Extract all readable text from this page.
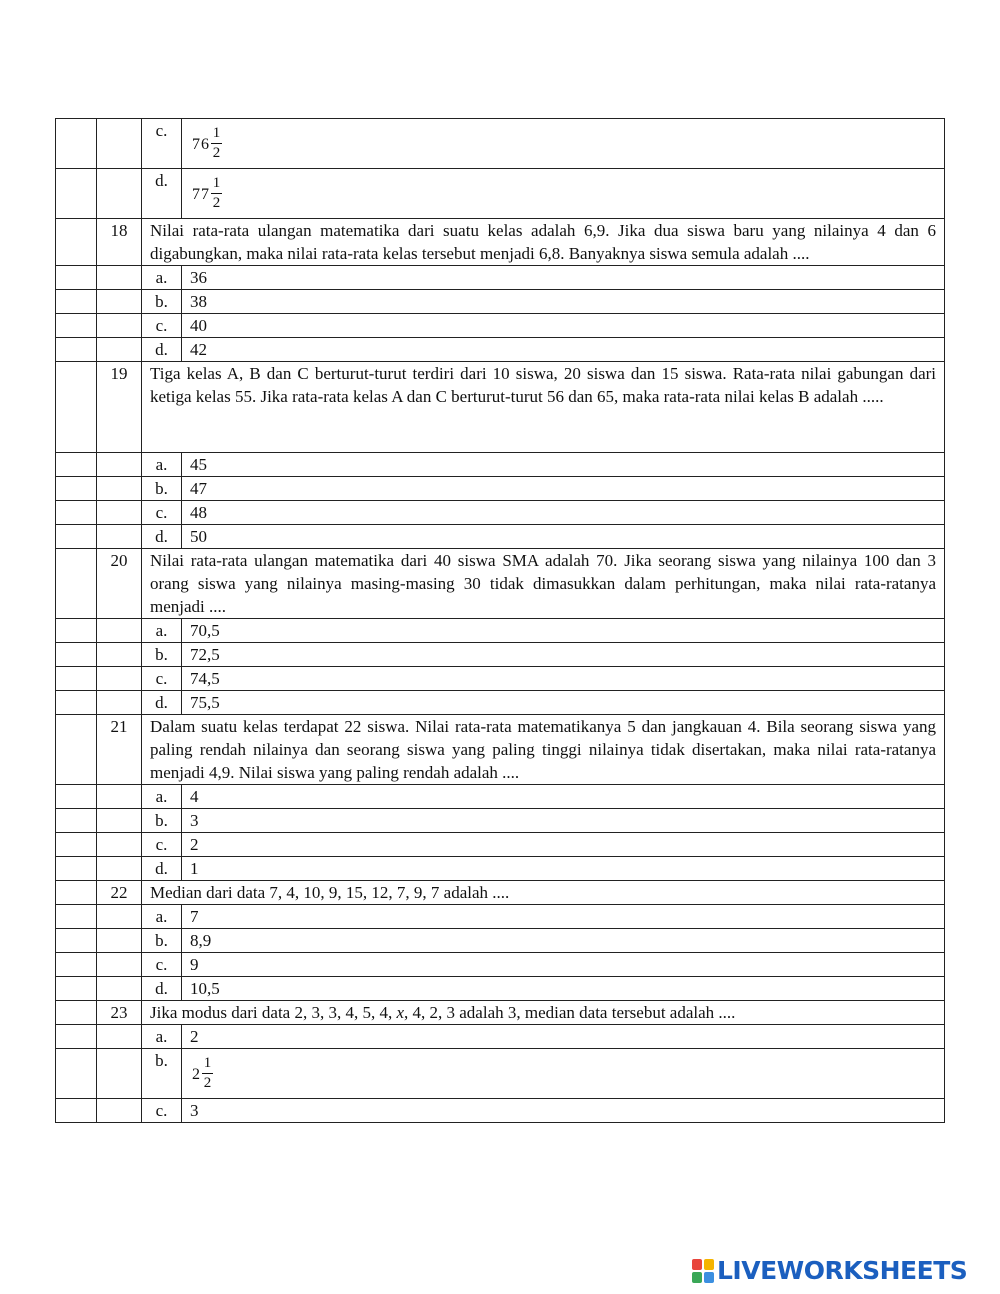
		c.	$76 \frac{1}{2}$

		d.	$77 \frac{1}{2}$

	18	Nilai rata-rata ulangan matematika dari suatu kelas adalah 6,9. Jika dua siswa baru yang nilainya 4 dan 6 digabungkan, maka nilai rata-rata kelas tersebut menjadi 6,8. Banyaknya siswa semula adalah ....	
		a.	36
		b.	38
		c.	40
		d.	42
	19	Tiga kelas A, B dan C berturut-turut terdiri dari 10 siswa, 20 siswa dan 15 siswa. Rata-rata nilai gabungan dari ketiga kelas 55. Jika rata-rata kelas A dan C berturut-turut 56 dan 65, maka rata-rata nilai kelas B adalah .....	
		a.	45
		b.	47
		c.	48
		d.	50
	20	Nilai rata-rata ulangan matematika dari 40 siswa SMA adalah 70. Jika seorang siswa yang nilainya 100 dan 3 orang siswa yang nilainya masing-masing 30 tidak dimasukkan dalam perhitungan, maka nilai rata-ratanya menjadi ....	
		a.	70,5
		b.	72,5
		c.	74,5
		d.	75,5
	21	Dalam suatu kelas terdapat 22 siswa. Nilai rata-rata matematikanya 5 dan jangkauan 4. Bila seorang siswa yang paling rendah nilainya dan seorang siswa yang paling tinggi nilainya tidak disertakan, maka nilai rata-ratanya menjadi 4,9. Nilai siswa yang paling rendah adalah ....	
		a.	4
		b.	3
		c.	2
		d.	1
	22	Median dari data 7, 4, 10, 9, 15, 12, 7, 9, 7 adalah ....	
		a.	7
		b.	8,9
		c.	9
		d.	10,5
	23	Jika modus dari data 2, 3, 3, 4, 5, 4, x, 4, 2, 3 adalah 3, median data tersebut adalah ....	
		a.	2
		b.	$2 \frac{1}{2}$

		c.	3
LIVEWORKSHEETS
